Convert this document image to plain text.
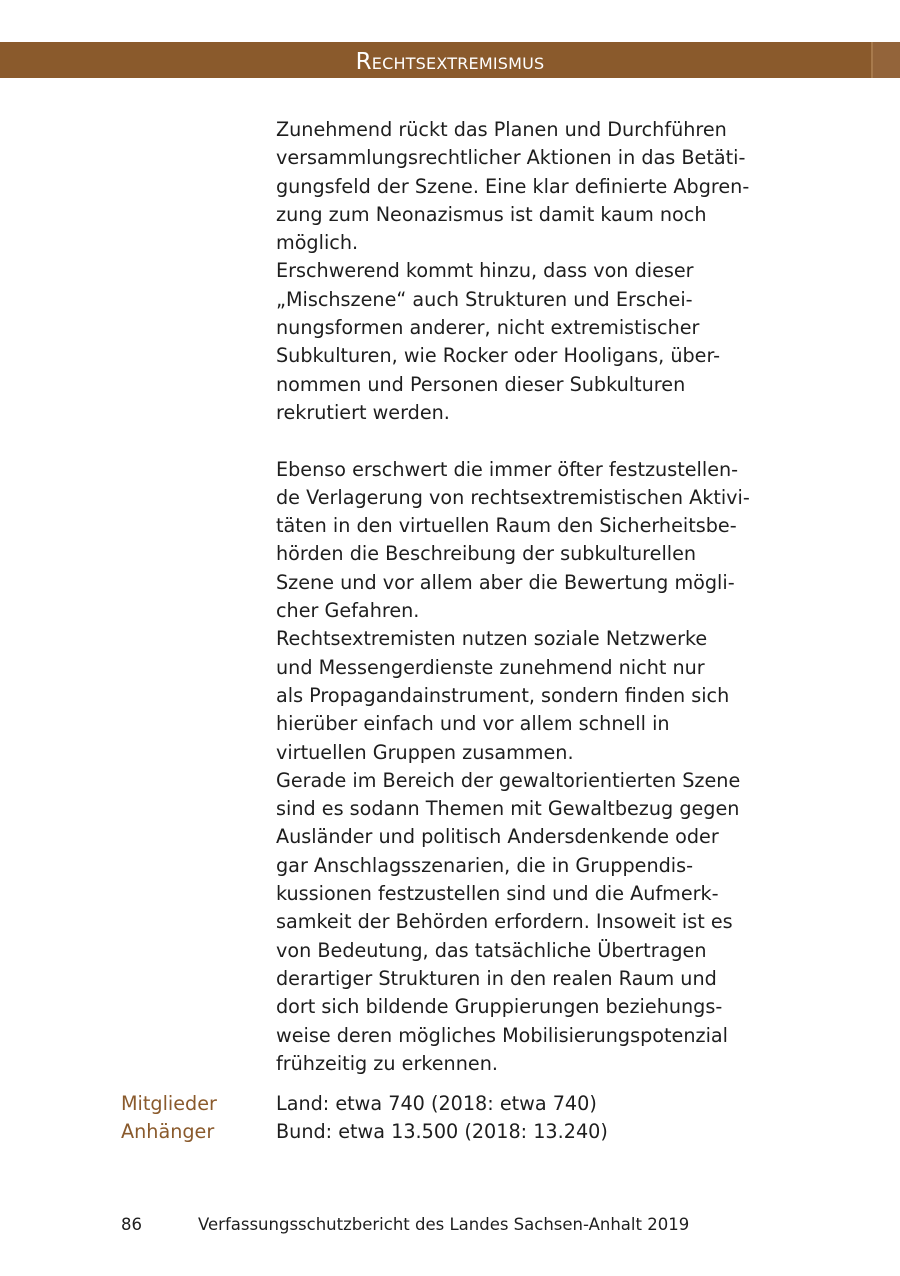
Rechtsextremismus
Zunehmend rückt das Planen und Durchführen
versammlungsrechtlicher Aktionen in das Betäti-
gungsfeld der Szene. Eine klar definierte Abgren-
zung zum Neonazismus ist damit kaum noch
möglich.
Erschwerend kommt hinzu, dass von dieser
„Mischszene“ auch Strukturen und Erschei-
nungsformen anderer, nicht extremistischer
Subkulturen, wie Rocker oder Hooligans, über-
nommen und Personen dieser Subkulturen
rekrutiert werden.
Ebenso erschwert die immer öfter festzustellen-
de Verlagerung von rechtsextremistischen Aktivi-
täten in den virtuellen Raum den Sicherheitsbe-
hörden die Beschreibung der subkulturellen
Szene und vor allem aber die Bewertung mögli-
cher Gefahren.
Rechtsextremisten nutzen soziale Netzwerke
und Messengerdienste zunehmend nicht nur
als Propagandainstrument, sondern finden sich
hierüber einfach und vor allem schnell in
virtuellen Gruppen zusammen.
Gerade im Bereich der gewaltorientierten Szene
sind es sodann Themen mit Gewaltbezug gegen
Ausländer und politisch Andersdenkende oder
gar Anschlagsszenarien, die in Gruppendis-
kussionen festzustellen sind und die Aufmerk-
samkeit der Behörden erfordern. Insoweit ist es
von Bedeutung, das tatsächliche Übertragen
derartiger Strukturen in den realen Raum und
dort sich bildende Gruppierungen beziehungs-
weise deren mögliches Mobilisierungspotenzial
frühzeitig zu erkennen.
Mitglieder	Land: etwa 740 (2018: etwa 740)
Anhänger	Bund: etwa 13.500 (2018: 13.240)
86	Verfassungsschutzbericht des Landes Sachsen-Anhalt 2019
